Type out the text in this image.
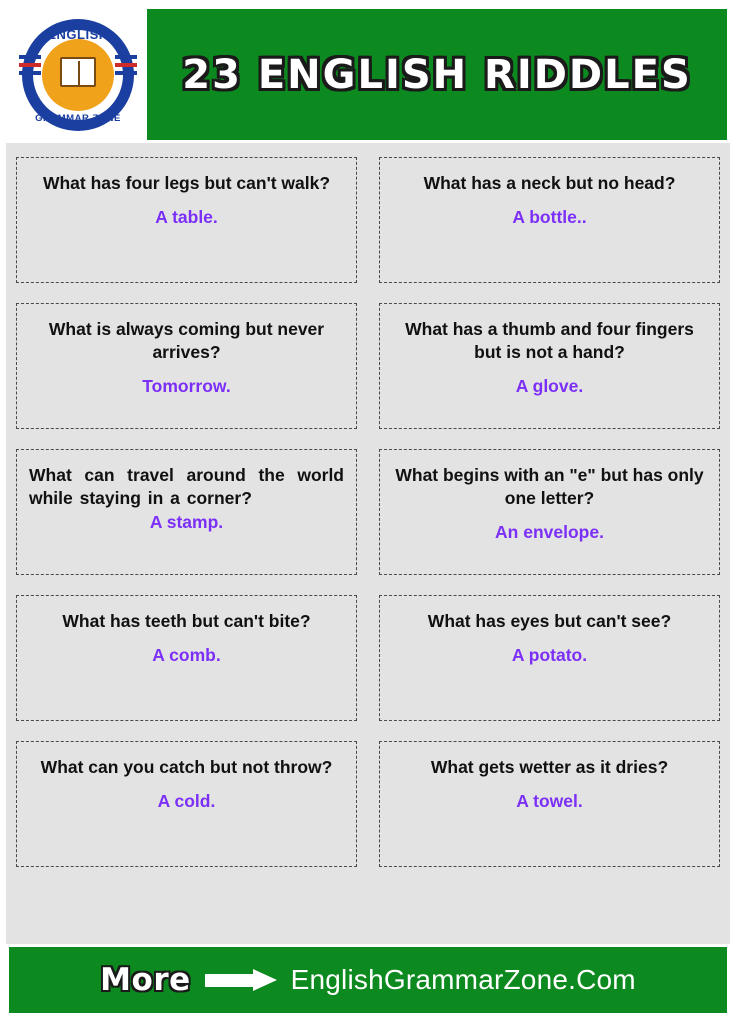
ENGLISH
GRAMMAR ZONE
23 ENGLISH RIDDLES
What has four legs but can't walk?
A table.
What has a neck but no head?
A bottle..
What is always coming but never arrives?
Tomorrow.
What has a thumb and four fingers but is not a hand?
A glove.
What can travel around the world while staying in a corner?
A stamp.
What begins with an "e" but has only one letter?
An envelope.
What has teeth but can't bite?
A comb.
What has eyes but can't see?
A potato.
What can you catch but not throw?
A cold.
What gets wetter as it dries?
A towel.
More	EnglishGrammarZone.Com
